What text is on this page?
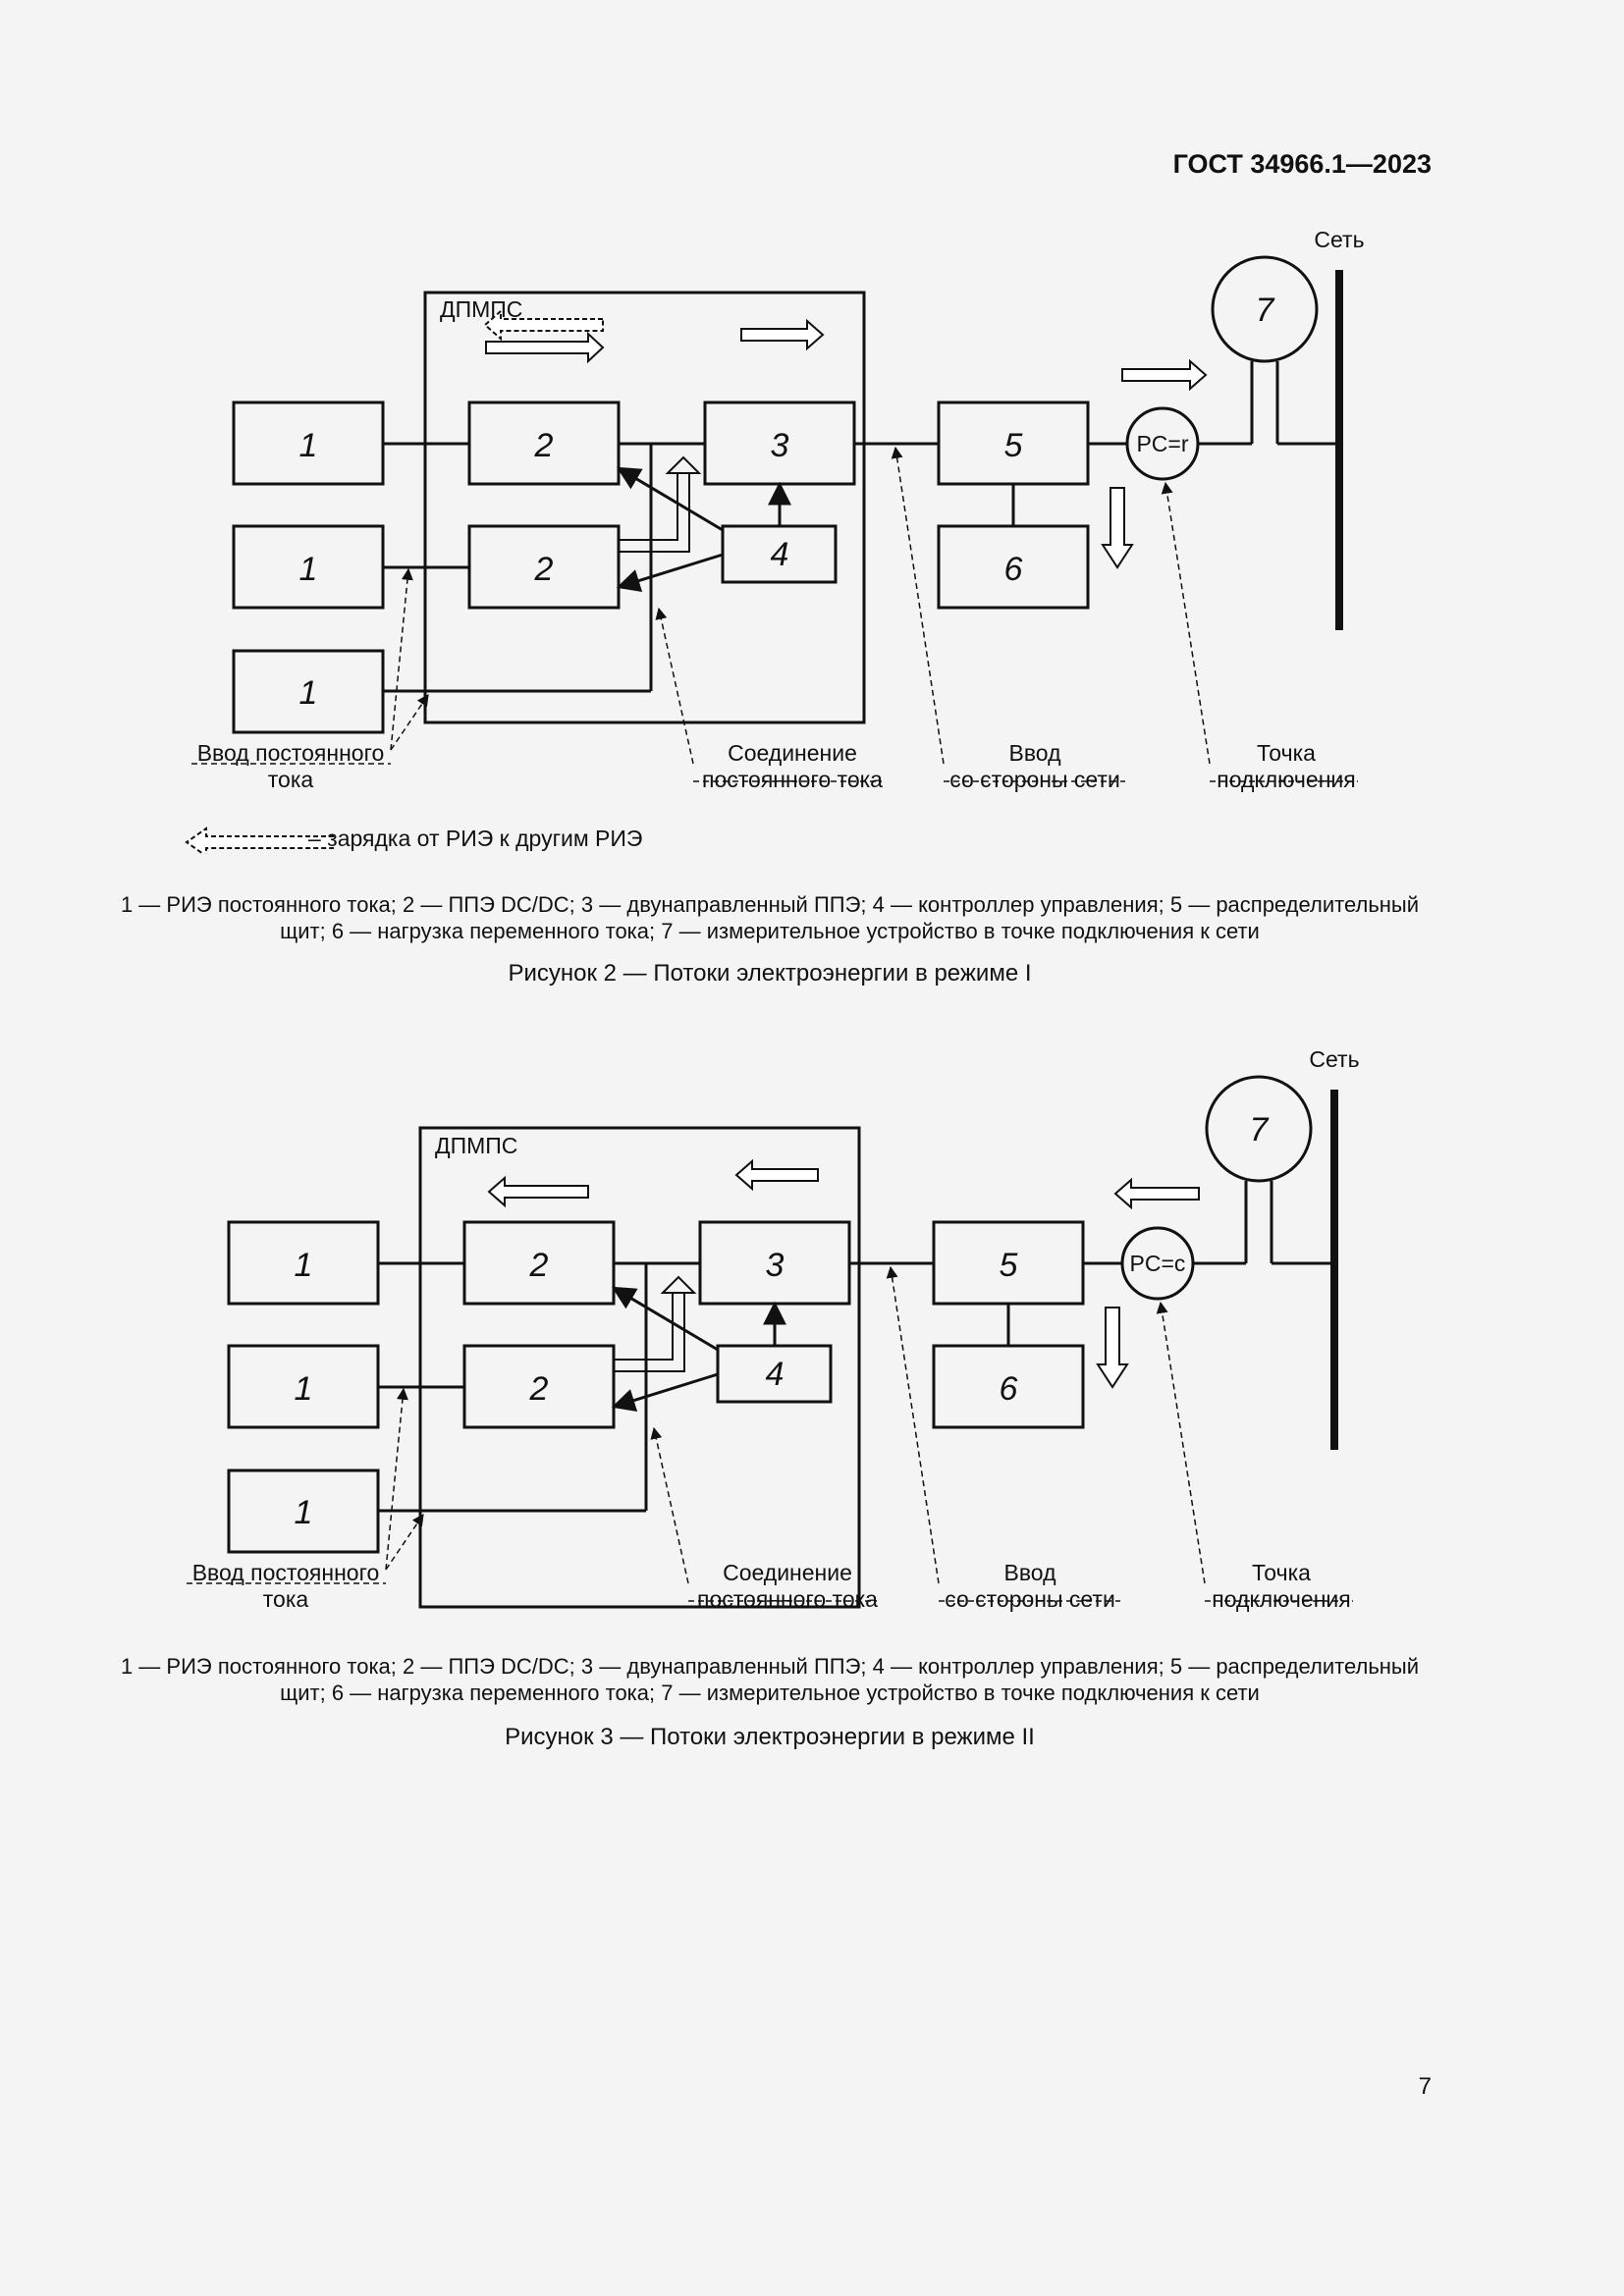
ГОСТ 34966.1—2023
1
1
1
2
2
3
4
5
6
7
PC=r
ДПМПС
Сеть
Ввод постоянного
тока
Соединение
постоянного тока
Ввод
со стороны сети
Точка
подключения
– зарядка от РИЭ к другим РИЭ
1 — РИЭ постоянного тока; 2 — ППЭ DC/DC; 3 — двунаправленный ППЭ; 4 — контроллер управления; 5 — распределительный
щит; 6 — нагрузка переменного тока; 7 — измерительное устройство в точке подключения к сети
Рисунок 2 — Потоки электроэнергии в режиме I
1
1
1
2
2
3
4
5
6
7
PC=c
ДПМПС
Сеть
Ввод постоянного
тока
Соединение
постоянного тока
Ввод
со стороны сети
Точка
подключения
1 — РИЭ постоянного тока; 2 — ППЭ DC/DC; 3 — двунаправленный ППЭ; 4 — контроллер управления; 5 — распределительный
щит; 6 — нагрузка переменного тока; 7 — измерительное устройство в точке подключения к сети
Рисунок 3 — Потоки электроэнергии в режиме II
7
